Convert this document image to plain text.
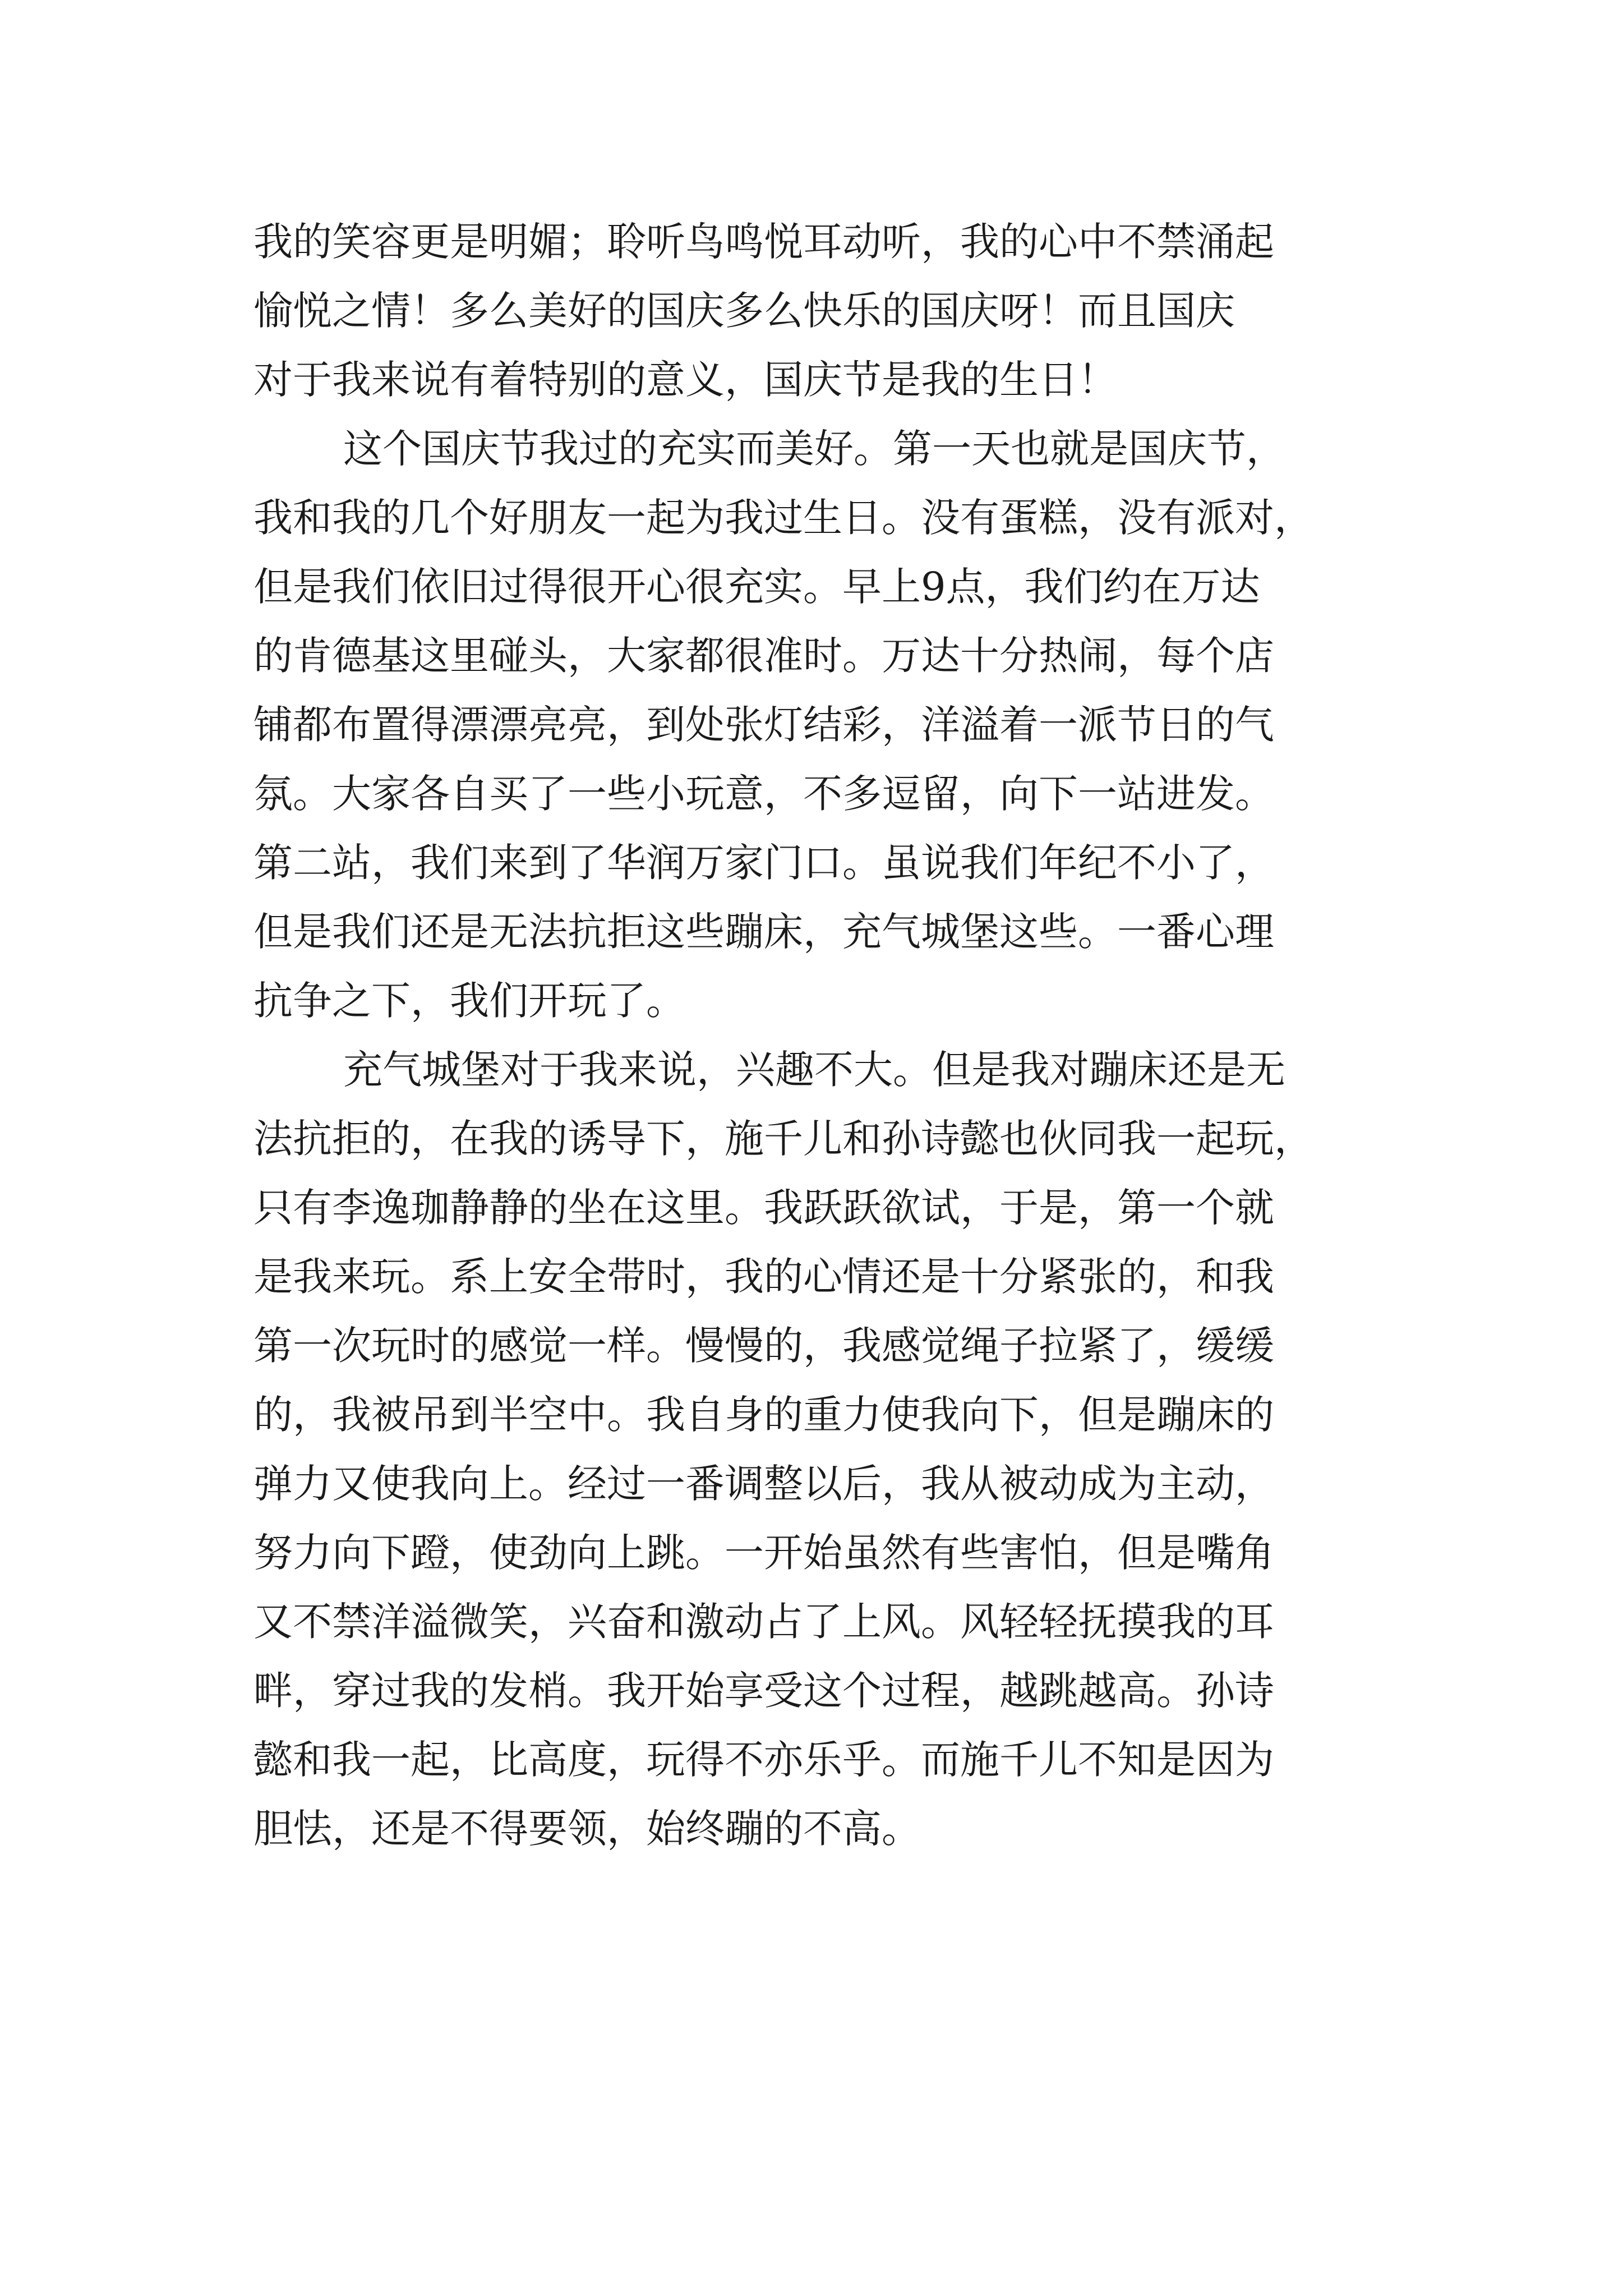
我的笑容更是明媚；聆听鸟鸣悦耳动听，我的心中不禁涌起
愉悦之情！多么美好的国庆多么快乐的国庆呀！而且国庆
对于我来说有着特别的意义，国庆节是我的生日！
这个国庆节我过的充实而美好。第一天也就是国庆节，
我和我的几个好朋友一起为我过生日。没有蛋糕，没有派对，
但是我们依旧过得很开心很充实。早上9点，我们约在万达
的肯德基这里碰头，大家都很准时。万达十分热闹，每个店
铺都布置得漂漂亮亮，到处张灯结彩，洋溢着一派节日的气
氛。大家各自买了一些小玩意，不多逗留，向下一站进发。
第二站，我们来到了华润万家门口。虽说我们年纪不小了，
但是我们还是无法抗拒这些蹦床，充气城堡这些。一番心理
抗争之下，我们开玩了。
充气城堡对于我来说，兴趣不大。但是我对蹦床还是无
法抗拒的，在我的诱导下，施千儿和孙诗懿也伙同我一起玩，
只有李逸珈静静的坐在这里。我跃跃欲试，于是，第一个就
是我来玩。系上安全带时，我的心情还是十分紧张的，和我
第一次玩时的感觉一样。慢慢的，我感觉绳子拉紧了，缓缓
的，我被吊到半空中。我自身的重力使我向下，但是蹦床的
弹力又使我向上。经过一番调整以后，我从被动成为主动，
努力向下蹬，使劲向上跳。一开始虽然有些害怕，但是嘴角
又不禁洋溢微笑，兴奋和激动占了上风。风轻轻抚摸我的耳
畔，穿过我的发梢。我开始享受这个过程，越跳越高。孙诗
懿和我一起，比高度，玩得不亦乐乎。而施千儿不知是因为
胆怯，还是不得要领，始终蹦的不高。
